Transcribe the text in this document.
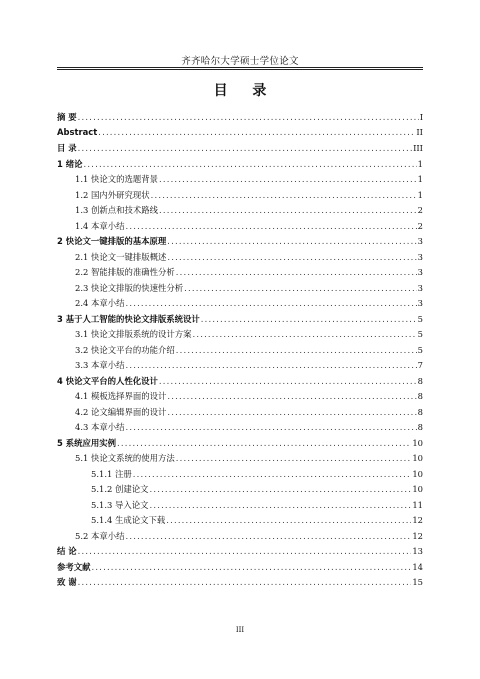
齐齐哈尔大学硕士学位论文
目 录
摘 要 .....	I
Abstract .....	II
目 录 .....	III
1 绪论 .....	1
1.1 快论文的选题背景 .....	1
1.2 国内外研究现状 .....	1
1.3 创新点和技术路线 .....	2
1.4 本章小结 .....	2
2 快论文一键排版的基本原理 .....	3
2.1 快论文一键排版概述 .....	3
2.2 智能排版的准确性分析 .....	3
2.3 快论文排版的快速性分析 .....	3
2.4 本章小结 .....	3
3 基于人工智能的快论文排版系统设计 .....	5
3.1 快论文排版系统的设计方案 .....	5
3.2 快论文平台的功能介绍 .....	5
3.3 本章小结 .....	7
4 快论文平台的人性化设计 .....	8
4.1 模板选择界面的设计 .....	8
4.2 论文编辑界面的设计 .....	8
4.3 本章小结 .....	8
5 系统应用实例 .....	10
5.1 快论文系统的使用方法 .....	10
5.1.1 注册 .....	10
5.1.2 创建论文 .....	10
5.1.3 导入论文 .....	11
5.1.4 生成论文下载 .....	12
5.2 本章小结 .....	12
结 论 .....	13
参考文献 .....	14
致 谢 .....	15
III
